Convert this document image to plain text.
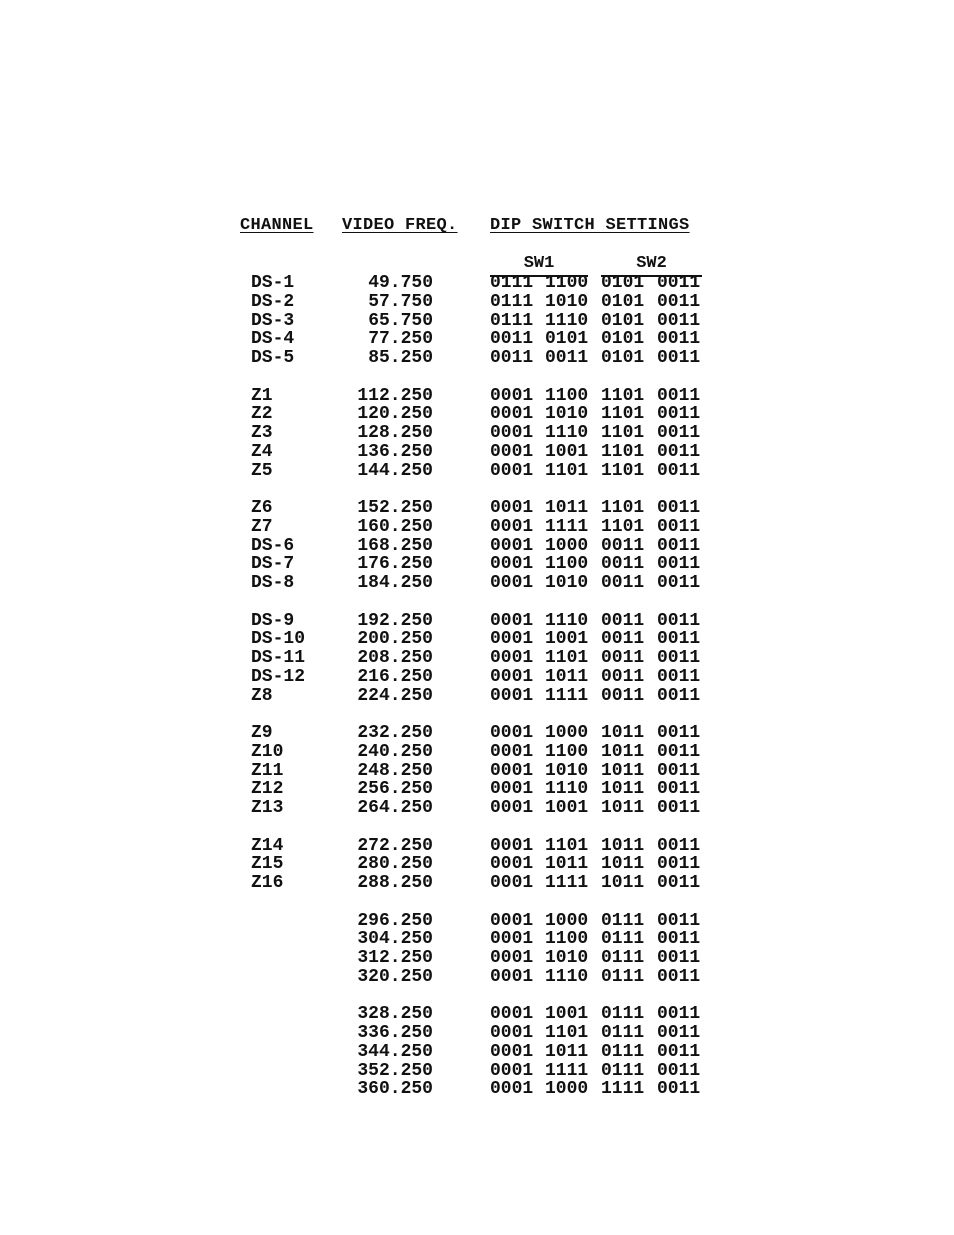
CHANNEL VIDEO FREQ. DIP SWITCH SETTINGS
SW1	SW2
DS-1	49.750	0111 1100 0101 0011
DS-2	57.750	0111 1010 0101 0011
DS-3	65.750	0111 1110 0101 0011
DS-4	77.250	0011 0101 0101 0011
DS-5	85.250	0011 0011 0101 0011
Z1	112.250	0001 1100 1101 0011
Z2	120.250	0001 1010 1101 0011
Z3	128.250	0001 1110 1101 0011
Z4	136.250	0001 1001 1101 0011
Z5	144.250	0001 1101 1101 0011
Z6	152.250	0001 1011 1101 0011
Z7	160.250	0001 1111 1101 0011
DS-6	168.250	0001 1000 0011 0011
DS-7	176.250	0001 1100 0011 0011
DS-8	184.250	0001 1010 0011 0011
DS-9	192.250	0001 1110 0011 0011
DS-10	200.250	0001 1001 0011 0011
DS-11	208.250	0001 1101 0011 0011
DS-12	216.250	0001 1011 0011 0011
Z8	224.250	0001 1111 0011 0011
Z9	232.250	0001 1000 1011 0011
Z10	240.250	0001 1100 1011 0011
Z11	248.250	0001 1010 1011 0011
Z12	256.250	0001 1110 1011 0011
Z13	264.250	0001 1001 1011 0011
Z14	272.250	0001 1101 1011 0011
Z15	280.250	0001 1011 1011 0011
Z16	288.250	0001 1111 1011 0011
296.250	0001 1000 0111 0011
304.250	0001 1100 0111 0011
312.250	0001 1010 0111 0011
320.250	0001 1110 0111 0011
328.250	0001 1001 0111 0011
336.250	0001 1101 0111 0011
344.250	0001 1011 0111 0011
352.250	0001 1111 0111 0011
360.250	0001 1000 1111 0011
